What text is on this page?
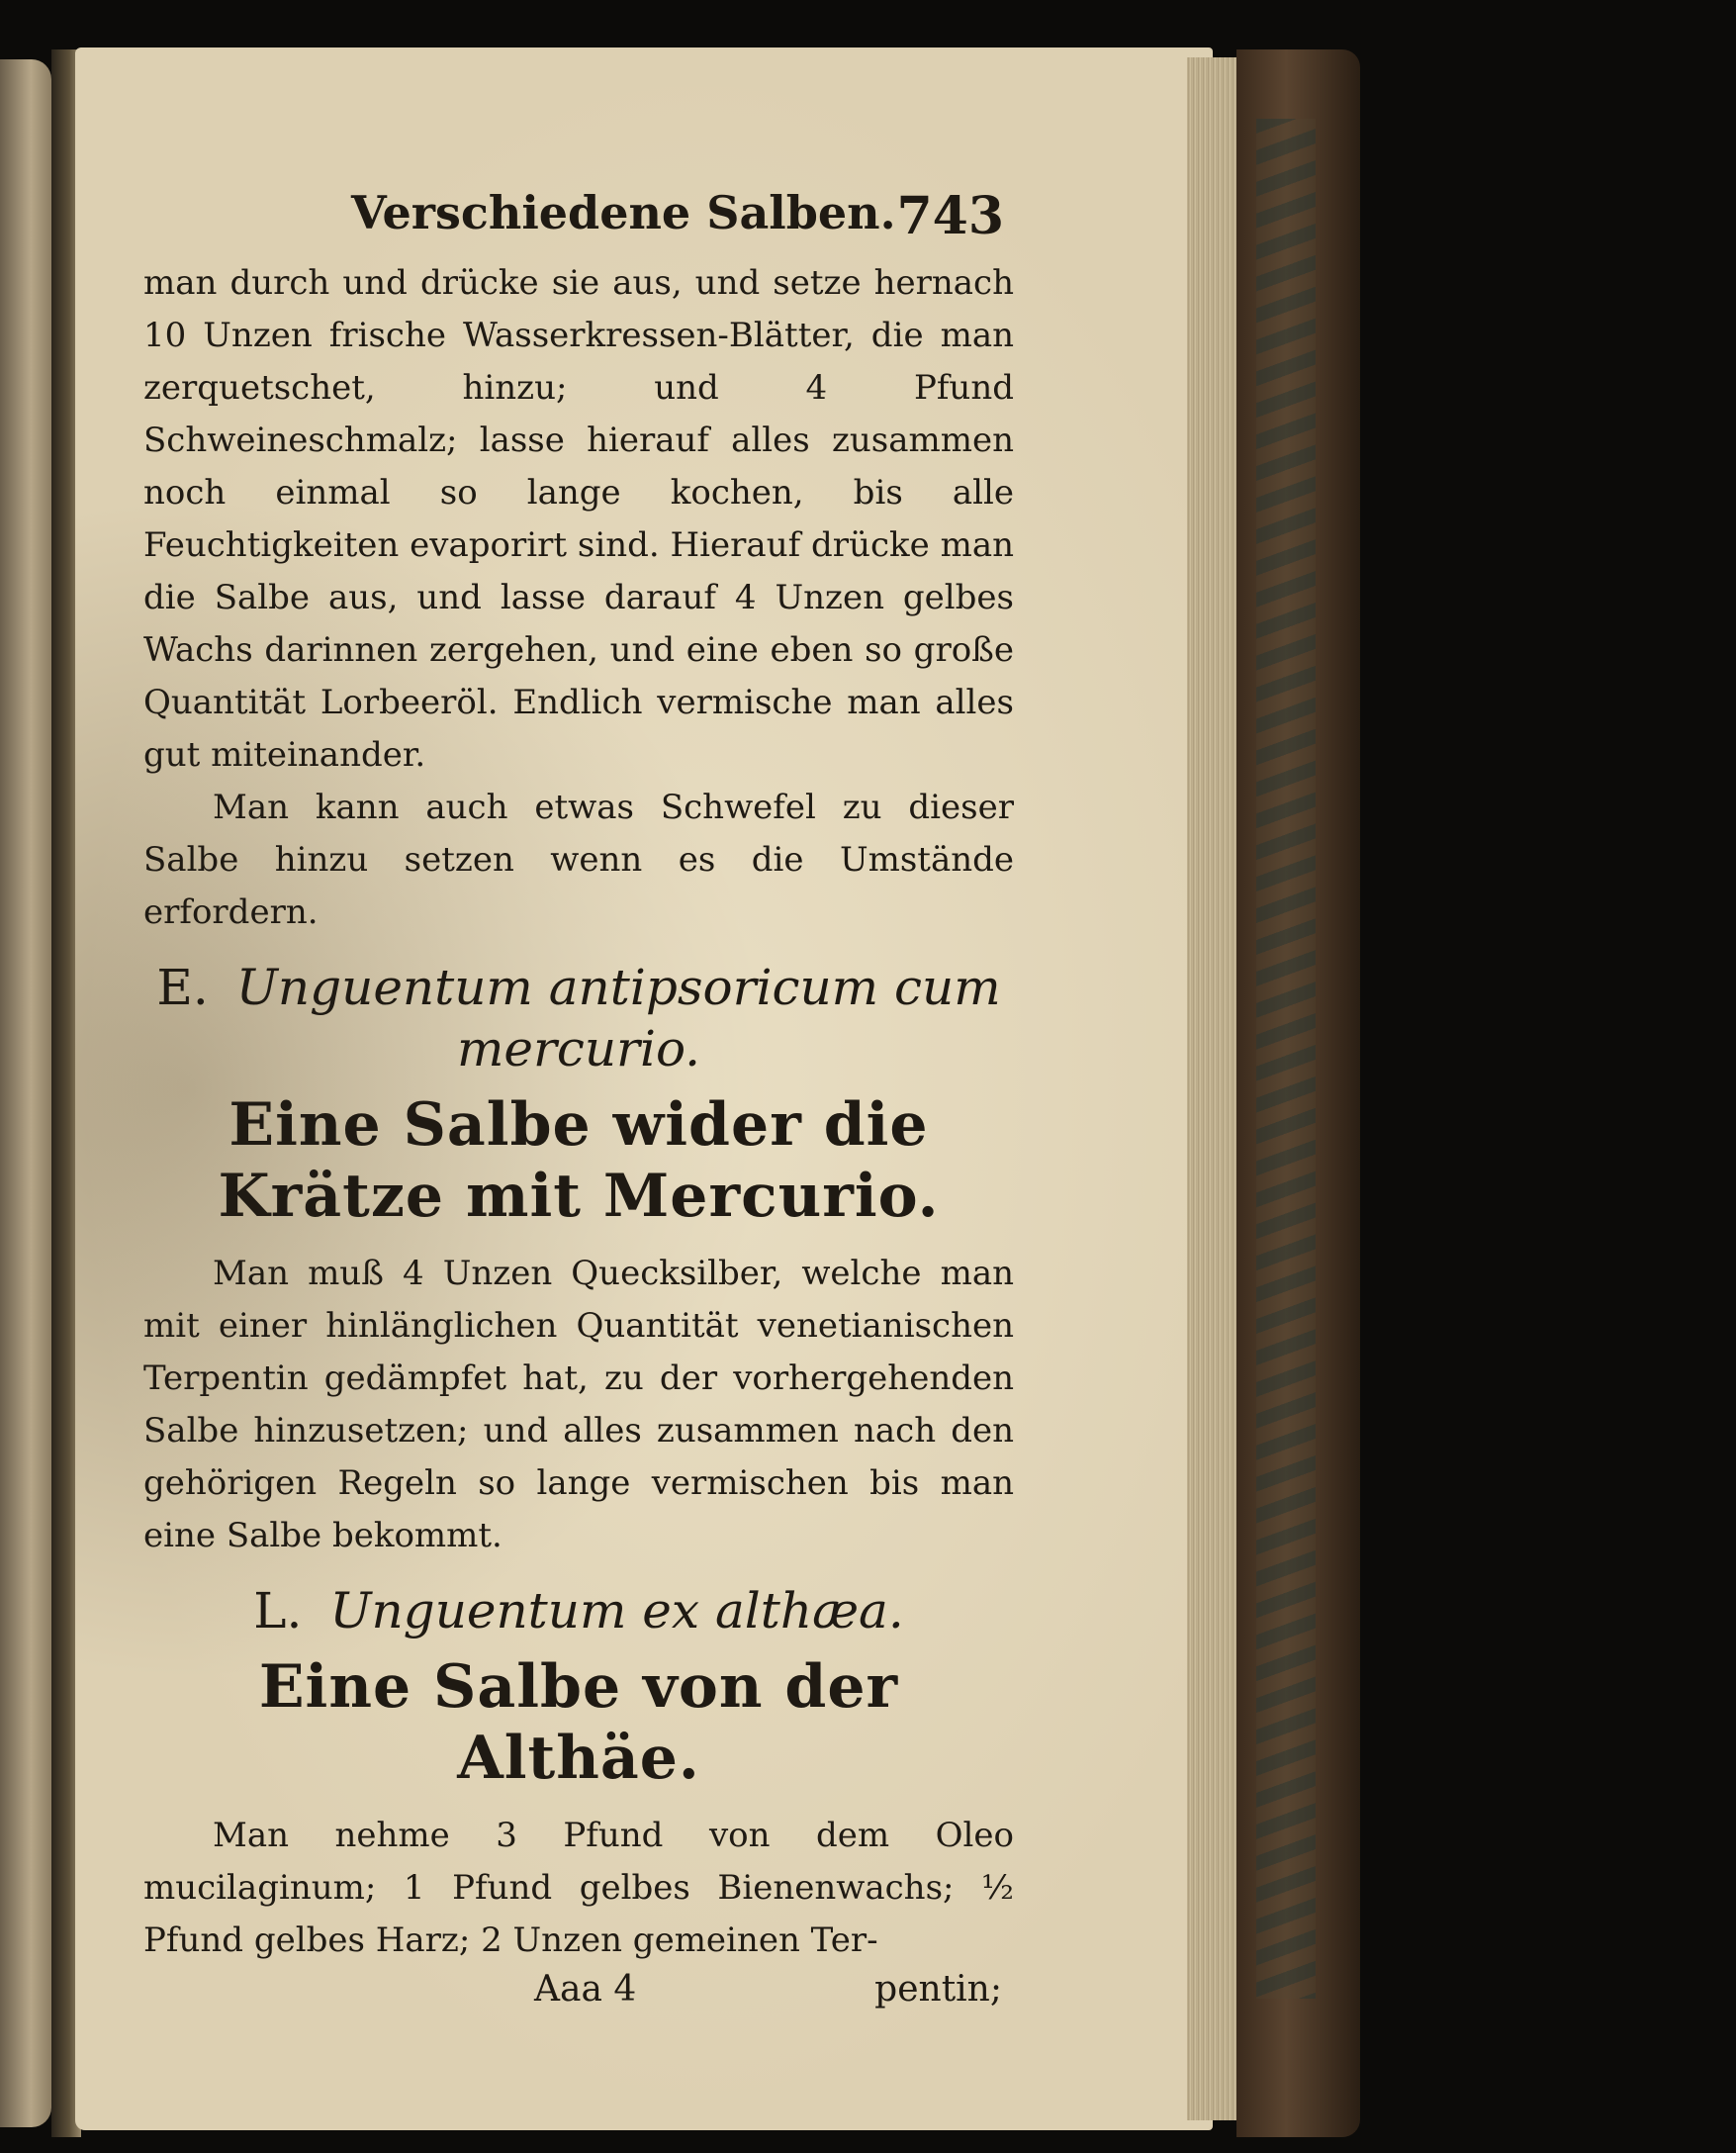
Verschiedene Salben. 743

man durch und drücke sie aus, und setze hernach 10 Unzen frische Wasserkressen-Blätter, die man zerquetschet, hinzu; und 4 Pfund Schweineschmalz; lasse hierauf alles zusammen noch einmal so lange kochen, bis alle Feuchtigkeiten evaporirt sind. Hierauf drücke man die Salbe aus, und lasse darauf 4 Unzen gelbes Wachs darinnen zergehen, und eine eben so große Quantität Lorbeeröl. Endlich vermische man alles gut miteinander.

Man kann auch etwas Schwefel zu dieser Salbe hinzu setzen wenn es die Umstände erfordern.

E. Unguentum antipsoricum cum mercurio.
Eine Salbe wider die Krätze mit Mercurio.

Man muß 4 Unzen Quecksilber, welche man mit einer hinlänglichen Quantität venetianischen Terpentin gedämpfet hat, zu der vorhergehenden Salbe hinzusetzen; und alles zusammen nach den gehörigen Regeln so lange vermischen bis man eine Salbe bekommt.

L. Unguentum ex althæa.
Eine Salbe von der Althäe.

Man nehme 3 Pfund von dem Oleo mucilaginum; 1 Pfund gelbes Bienenwachs; ½ Pfund gelbes Harz; 2 Unzen gemeinen Ter-

Aaa 4	pentin;
